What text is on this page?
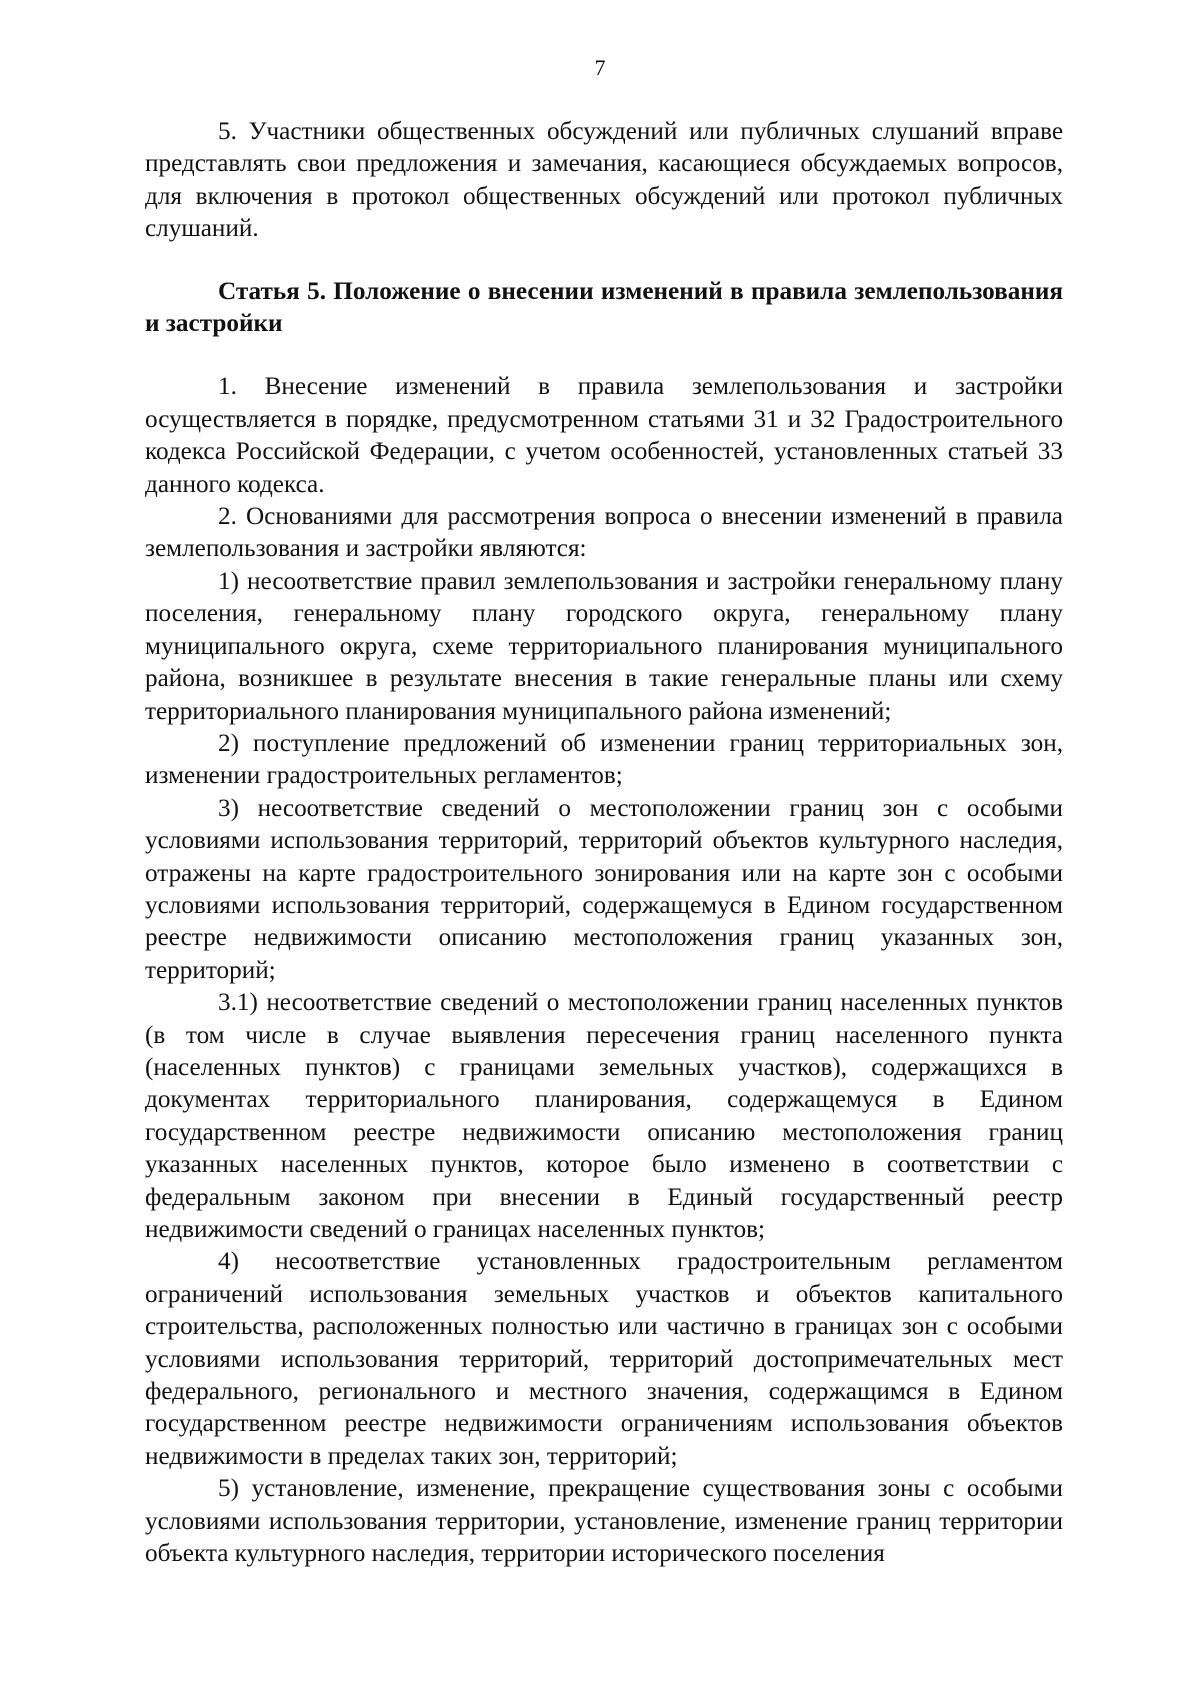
7

5. Участники общественных обсуждений или публичных слушаний вправе представлять свои предложения и замечания, касающиеся обсуждаемых вопросов, для включения в протокол общественных обсуждений или протокол публичных слушаний.

Статья 5. Положение о внесении изменений в правила землепользования и застройки

1. Внесение изменений в правила землепользования и застройки осуществляется в порядке, предусмотренном статьями 31 и 32 Градостроительного кодекса Российской Федерации, с учетом особенностей, установленных статьей 33 данного кодекса.

2. Основаниями для рассмотрения вопроса о внесении изменений в правила землепользования и застройки являются:

1) несоответствие правил землепользования и застройки генеральному плану поселения, генеральному плану городского округа, генеральному плану муниципального округа, схеме территориального планирования муниципального района, возникшее в результате внесения в такие генеральные планы или схему территориального планирования муниципального района изменений;

2) поступление предложений об изменении границ территориальных зон, изменении градостроительных регламентов;

3) несоответствие сведений о местоположении границ зон с особыми условиями использования территорий, территорий объектов культурного наследия, отражены на карте градостроительного зонирования или на карте зон с особыми условиями использования территорий, содержащемуся в Едином государственном реестре недвижимости описанию местоположения границ указанных зон, территорий;

3.1) несоответствие сведений о местоположении границ населенных пунктов (в том числе в случае выявления пересечения границ населенного пункта (населенных пунктов) с границами земельных участков), содержащихся в документах территориального планирования, содержащемуся в Едином государственном реестре недвижимости описанию местоположения границ указанных населенных пунктов, которое было изменено в соответствии с федеральным законом при внесении в Единый государственный реестр недвижимости сведений о границах населенных пунктов;

4) несоответствие установленных градостроительным регламентом ограничений использования земельных участков и объектов капитального строительства, расположенных полностью или частично в границах зон с особыми условиями использования территорий, территорий достопримечательных мест федерального, регионального и местного значения, содержащимся в Едином государственном реестре недвижимости ограничениям использования объектов недвижимости в пределах таких зон, территорий;

5) установление, изменение, прекращение существования зоны с особыми условиями использования территории, установление, изменение границ территории объекта культурного наследия, территории исторического поселения
